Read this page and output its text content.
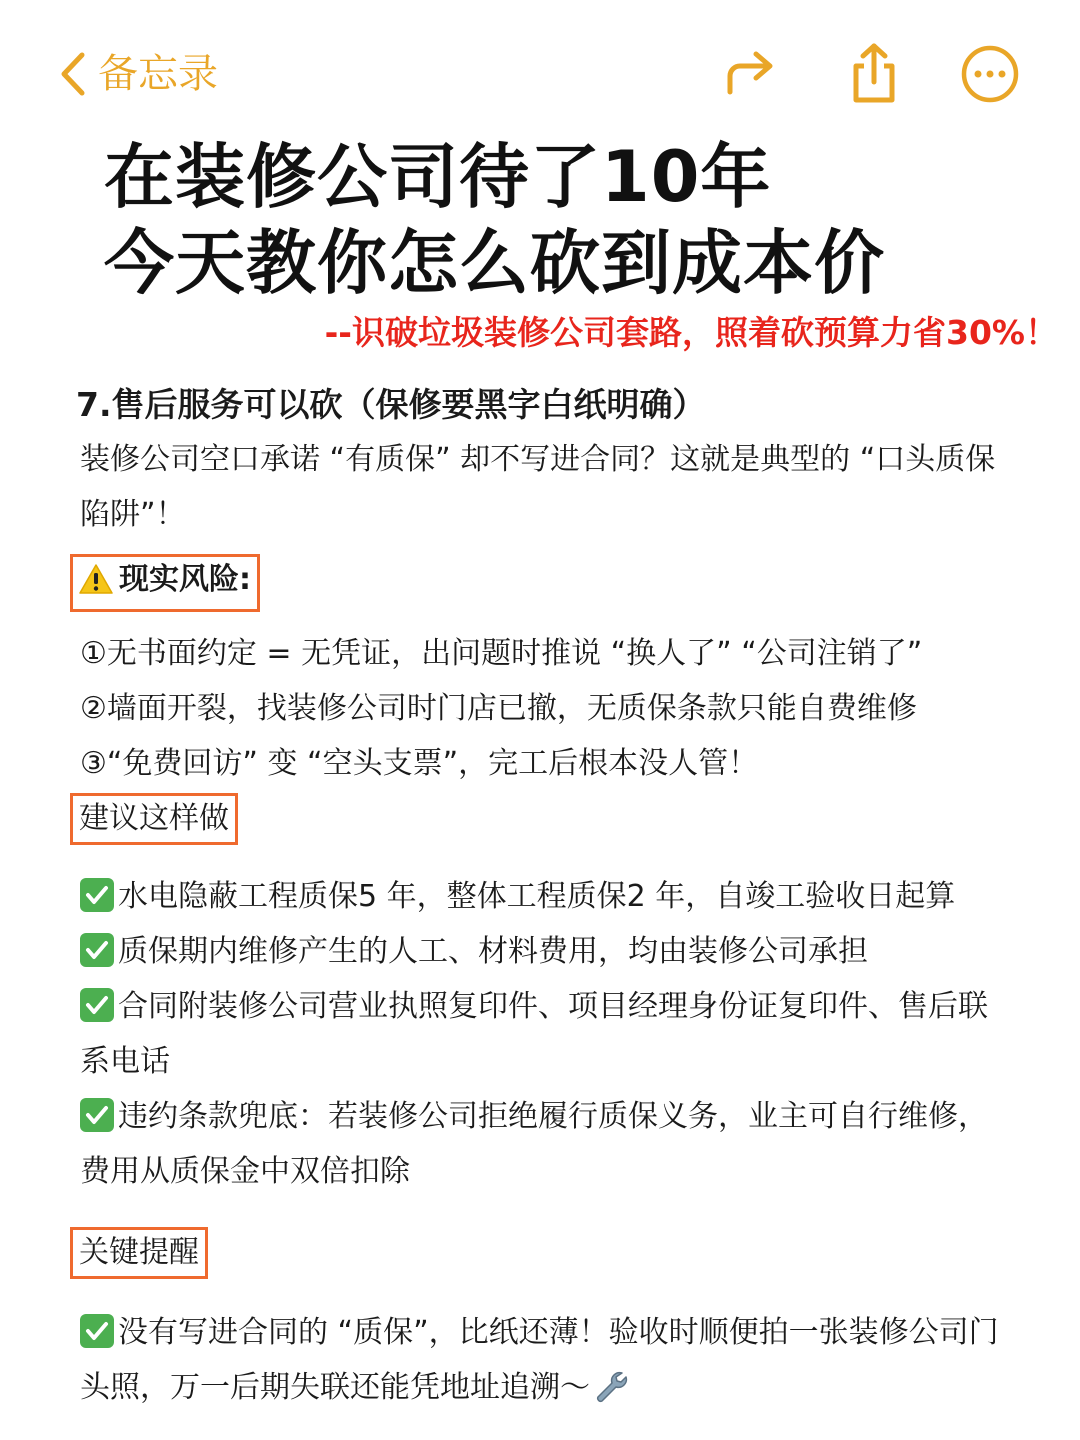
备忘录
在装修公司待了10年
今天教你怎么砍到成本价
--识破垃圾装修公司套路，照着砍预算力省30%！
7.售后服务可以砍（保修要黑字白纸明确）
装修公司空口承诺 “有质保” 却不写进合同？这就是典型的 “口头质保陷阱”！
现实风险:
①无书面约定 = 无凭证，出问题时推说 “换人了” “公司注销了”
②墙面开裂，找装修公司时门店已撤，无质保条款只能自费维修
③“免费回访” 变 “空头支票”，完工后根本没人管！
建议这样做
水电隐蔽工程质保5 年，整体工程质保2 年，自竣工验收日起算
质保期内维修产生的人工、材料费用，均由装修公司承担
合同附装修公司营业执照复印件、项目经理身份证复印件、售后联系电话
违约条款兜底：若装修公司拒绝履行质保义务，业主可自行维修，费用从质保金中双倍扣除
关键提醒
没有写进合同的 “质保”，比纸还薄！验收时顺便拍一张装修公司门头照，万一后期失联还能凭地址追溯～
